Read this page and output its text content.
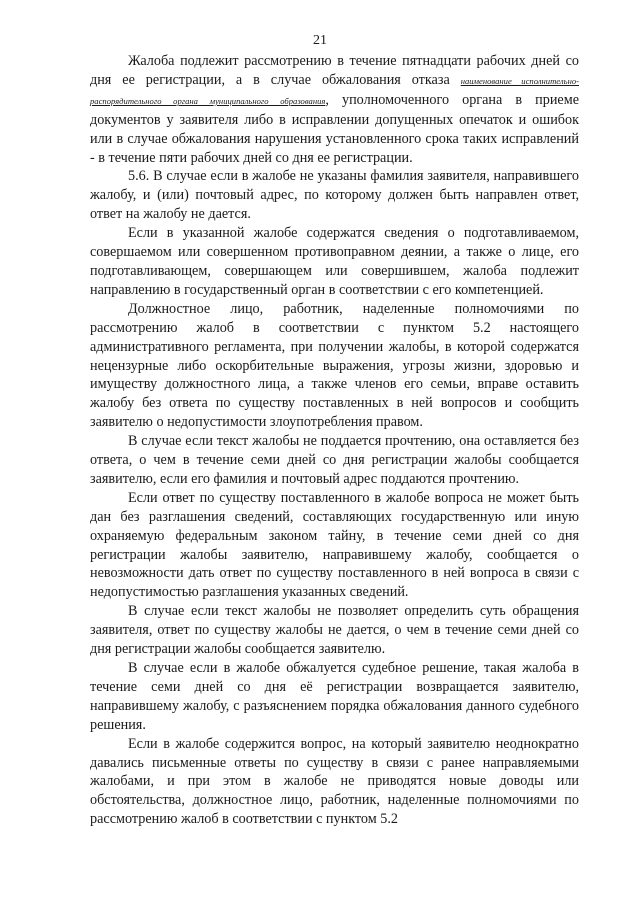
21

Жалоба подлежит рассмотрению в течение пятнадцати рабочих дней со дня ее регистрации, а в случае обжалования отказа наименование исполнительно-распорядительного органа муниципального образования, уполномоченного органа в приеме документов у заявителя либо в исправлении допущенных опечаток и ошибок или в случае обжалования нарушения установленного срока таких исправлений - в течение пяти рабочих дней со дня ее регистрации.

5.6. В случае если в жалобе не указаны фамилия заявителя, направившего жалобу, и (или) почтовый адрес, по которому должен быть направлен ответ, ответ на жалобу не дается.

Если в указанной жалобе содержатся сведения о подготавливаемом, совершаемом или совершенном противоправном деянии, а также о лице, его подготавливающем, совершающем или совершившем, жалоба подлежит направлению в государственный орган в соответствии с его компетенцией.

Должностное лицо, работник, наделенные полномочиями по рассмотрению жалоб в соответствии с пунктом 5.2 настоящего административного регламента, при получении жалобы, в которой содержатся нецензурные либо оскорбительные выражения, угрозы жизни, здоровью и имуществу должностного лица, а также членов его семьи, вправе оставить жалобу без ответа по существу поставленных в ней вопросов и сообщить заявителю о недопустимости злоупотребления правом.

В случае если текст жалобы не поддается прочтению, она оставляется без ответа, о чем в течение семи дней со дня регистрации жалобы сообщается заявителю, если его фамилия и почтовый адрес поддаются прочтению.

Если ответ по существу поставленного в жалобе вопроса не может быть дан без разглашения сведений, составляющих государственную или иную охраняемую федеральным законом тайну, в течение семи дней со дня регистрации жалобы заявителю, направившему жалобу, сообщается о невозможности дать ответ по существу поставленного в ней вопроса в связи с недопустимостью разглашения указанных сведений.

В случае если текст жалобы не позволяет определить суть обращения заявителя, ответ по существу жалобы не дается, о чем в течение семи дней со дня регистрации жалобы сообщается заявителю.

В случае если в жалобе обжалуется судебное решение, такая жалоба в течение семи дней со дня её регистрации возвращается заявителю, направившему жалобу, с разъяснением порядка обжалования данного судебного решения.

Если в жалобе содержится вопрос, на который заявителю неоднократно давались письменные ответы по существу в связи с ранее направляемыми жалобами, и при этом в жалобе не приводятся новые доводы или обстоятельства, должностное лицо, работник, наделенные полномочиями по рассмотрению жалоб в соответствии с пунктом 5.2
